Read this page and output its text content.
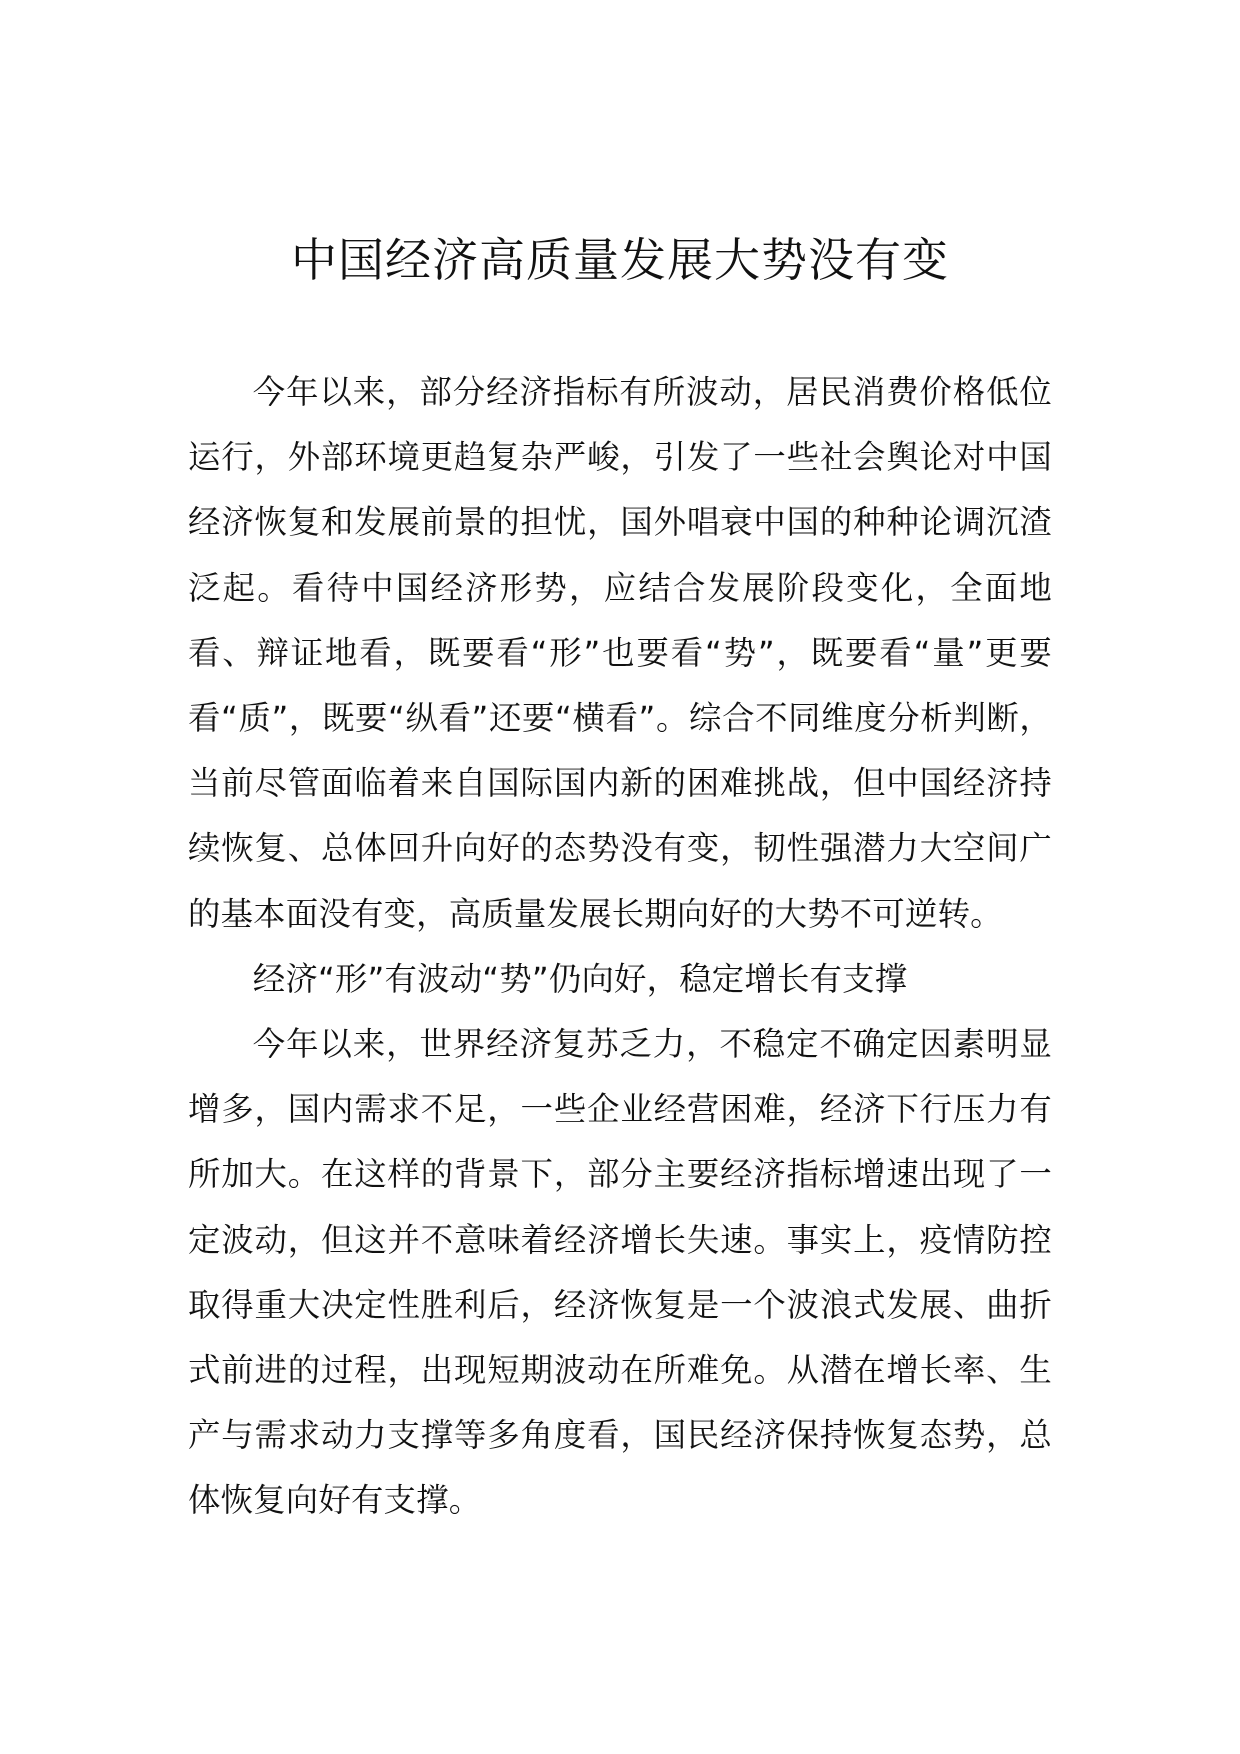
中国经济高质量发展大势没有变

今年以来，部分经济指标有所波动，居民消费价格低位运行，外部环境更趋复杂严峻，引发了一些社会舆论对中国经济恢复和发展前景的担忧，国外唱衰中国的种种论调沉渣泛起。看待中国经济形势，应结合发展阶段变化，全面地看、辩证地看，既要看“形”也要看“势”，既要看“量”更要看“质”，既要“纵看”还要“横看”。综合不同维度分析判断，当前尽管面临着来自国际国内新的困难挑战，但中国经济持续恢复、总体回升向好的态势没有变，韧性强潜力大空间广的基本面没有变，高质量发展长期向好的大势不可逆转。

经济“形”有波动“势”仍向好，稳定增长有支撑

今年以来，世界经济复苏乏力，不稳定不确定因素明显增多，国内需求不足，一些企业经营困难，经济下行压力有所加大。在这样的背景下，部分主要经济指标增速出现了一定波动，但这并不意味着经济增长失速。事实上，疫情防控取得重大决定性胜利后，经济恢复是一个波浪式发展、曲折式前进的过程，出现短期波动在所难免。从潜在增长率、生产与需求动力支撑等多角度看，国民经济保持恢复态势，总体恢复向好有支撑。
